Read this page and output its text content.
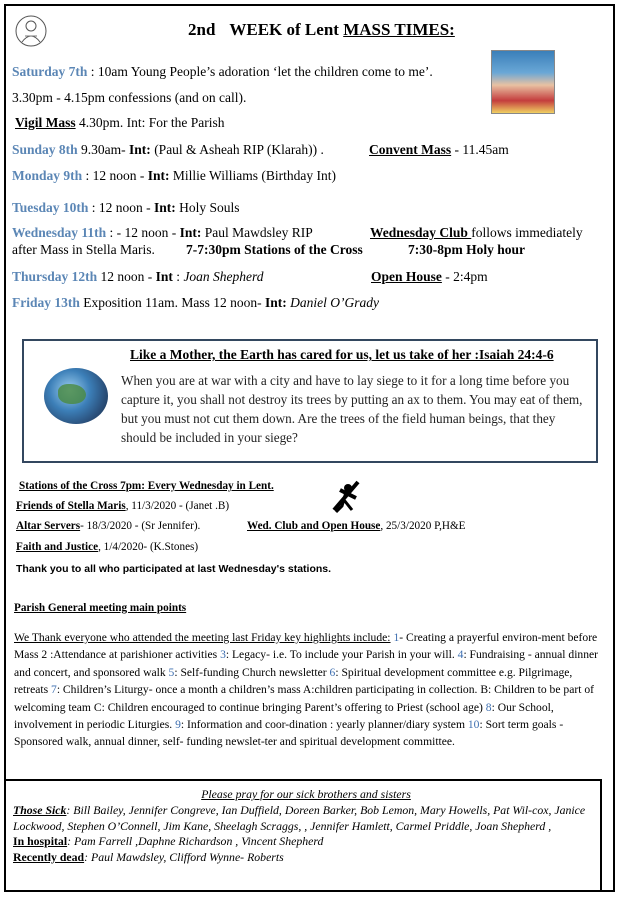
2nd WEEK of Lent MASS TIMES:
Saturday 7th : 10am Young People’s adoration ‘let the children come to me’.
3.30pm - 4.15pm confessions (and on call).
Vigil Mass 4.30pm. Int: For the Parish
Sunday 8th 9.30am- Int: (Paul & Asheah RIP (Klarah)) .	Convent Mass - 11.45am
Monday 9th : 12 noon - Int: Millie Williams (Birthday Int)
Tuesday 10th : 12 noon - Int: Holy Souls
Wednesday 11th : - 12 noon - Int: Paul Mawdsley RIP	Wednesday Club follows immediately
after Mass in Stella Maris. 7-7:30pm Stations of the Cross	7:30-8pm Holy hour
Thursday 12th 12 noon - Int : Joan Shepherd	Open House - 2:4pm
Friday 13th Exposition 11am. Mass 12 noon- Int: Daniel O’Grady
Like a Mother, the Earth has cared for us, let us take of her :Isaiah 24:4-6
When you are at war with a city and have to lay siege to it for a long time before you capture it, you shall not destroy its trees by putting an ax to them. You may eat of them, but you must not cut them down. Are the trees of the field human beings, that they should be included in your siege?
Stations of the Cross 7pm: Every Wednesday in Lent.
Friends of Stella Maris, 11/3/2020 - (Janet .B)
Altar Servers- 18/3/2020 - (Sr Jennifer).	Wed. Club and Open House, 25/3/2020 P,H&E
Faith and Justice, 1/4/2020- (K.Stones)
Thank you to all who participated at last Wednesday's stations.
Parish General meeting main points
We Thank everyone who attended the meeting last Friday key highlights include: 1- Creating a prayerful environ-ment before Mass 2 :Attendance at parishioner activities 3: Legacy- i.e. To include your Parish in your will. 4: Fundraising - annual dinner and concert, and sponsored walk 5: Self-funding Church newsletter 6: Spiritual development committee e.g. Pilgrimage, retreats 7: Children’s Liturgy- once a month a children’s mass A:children participating in collection. B: Children to be part of welcoming team C: Children encouraged to continue bringing Parent’s offering to Priest (school age) 8: Our School, involvement in periodic Liturgies. 9: Information and coor-dination : yearly planner/diary system 10: Sort term goals - Sponsored walk, annual dinner, self- funding newslet-ter and spiritual development committee.
Please pray for our sick brothers and sisters
Those Sick: Bill Bailey, Jennifer Congreve, Ian Duffield, Doreen Barker, Bob Lemon, Mary Howells, Pat Wil-cox, Janice Lockwood, Stephen O’Connell, Jim Kane, Sheelagh Scraggs, , Jennifer Hamlett, Carmel Priddle, Joan Shepherd ,
In hospital: Pam Farrell ,Daphne Richardson , Vincent Shepherd
Recently dead: Paul Mawdsley, Clifford Wynne- Roberts
